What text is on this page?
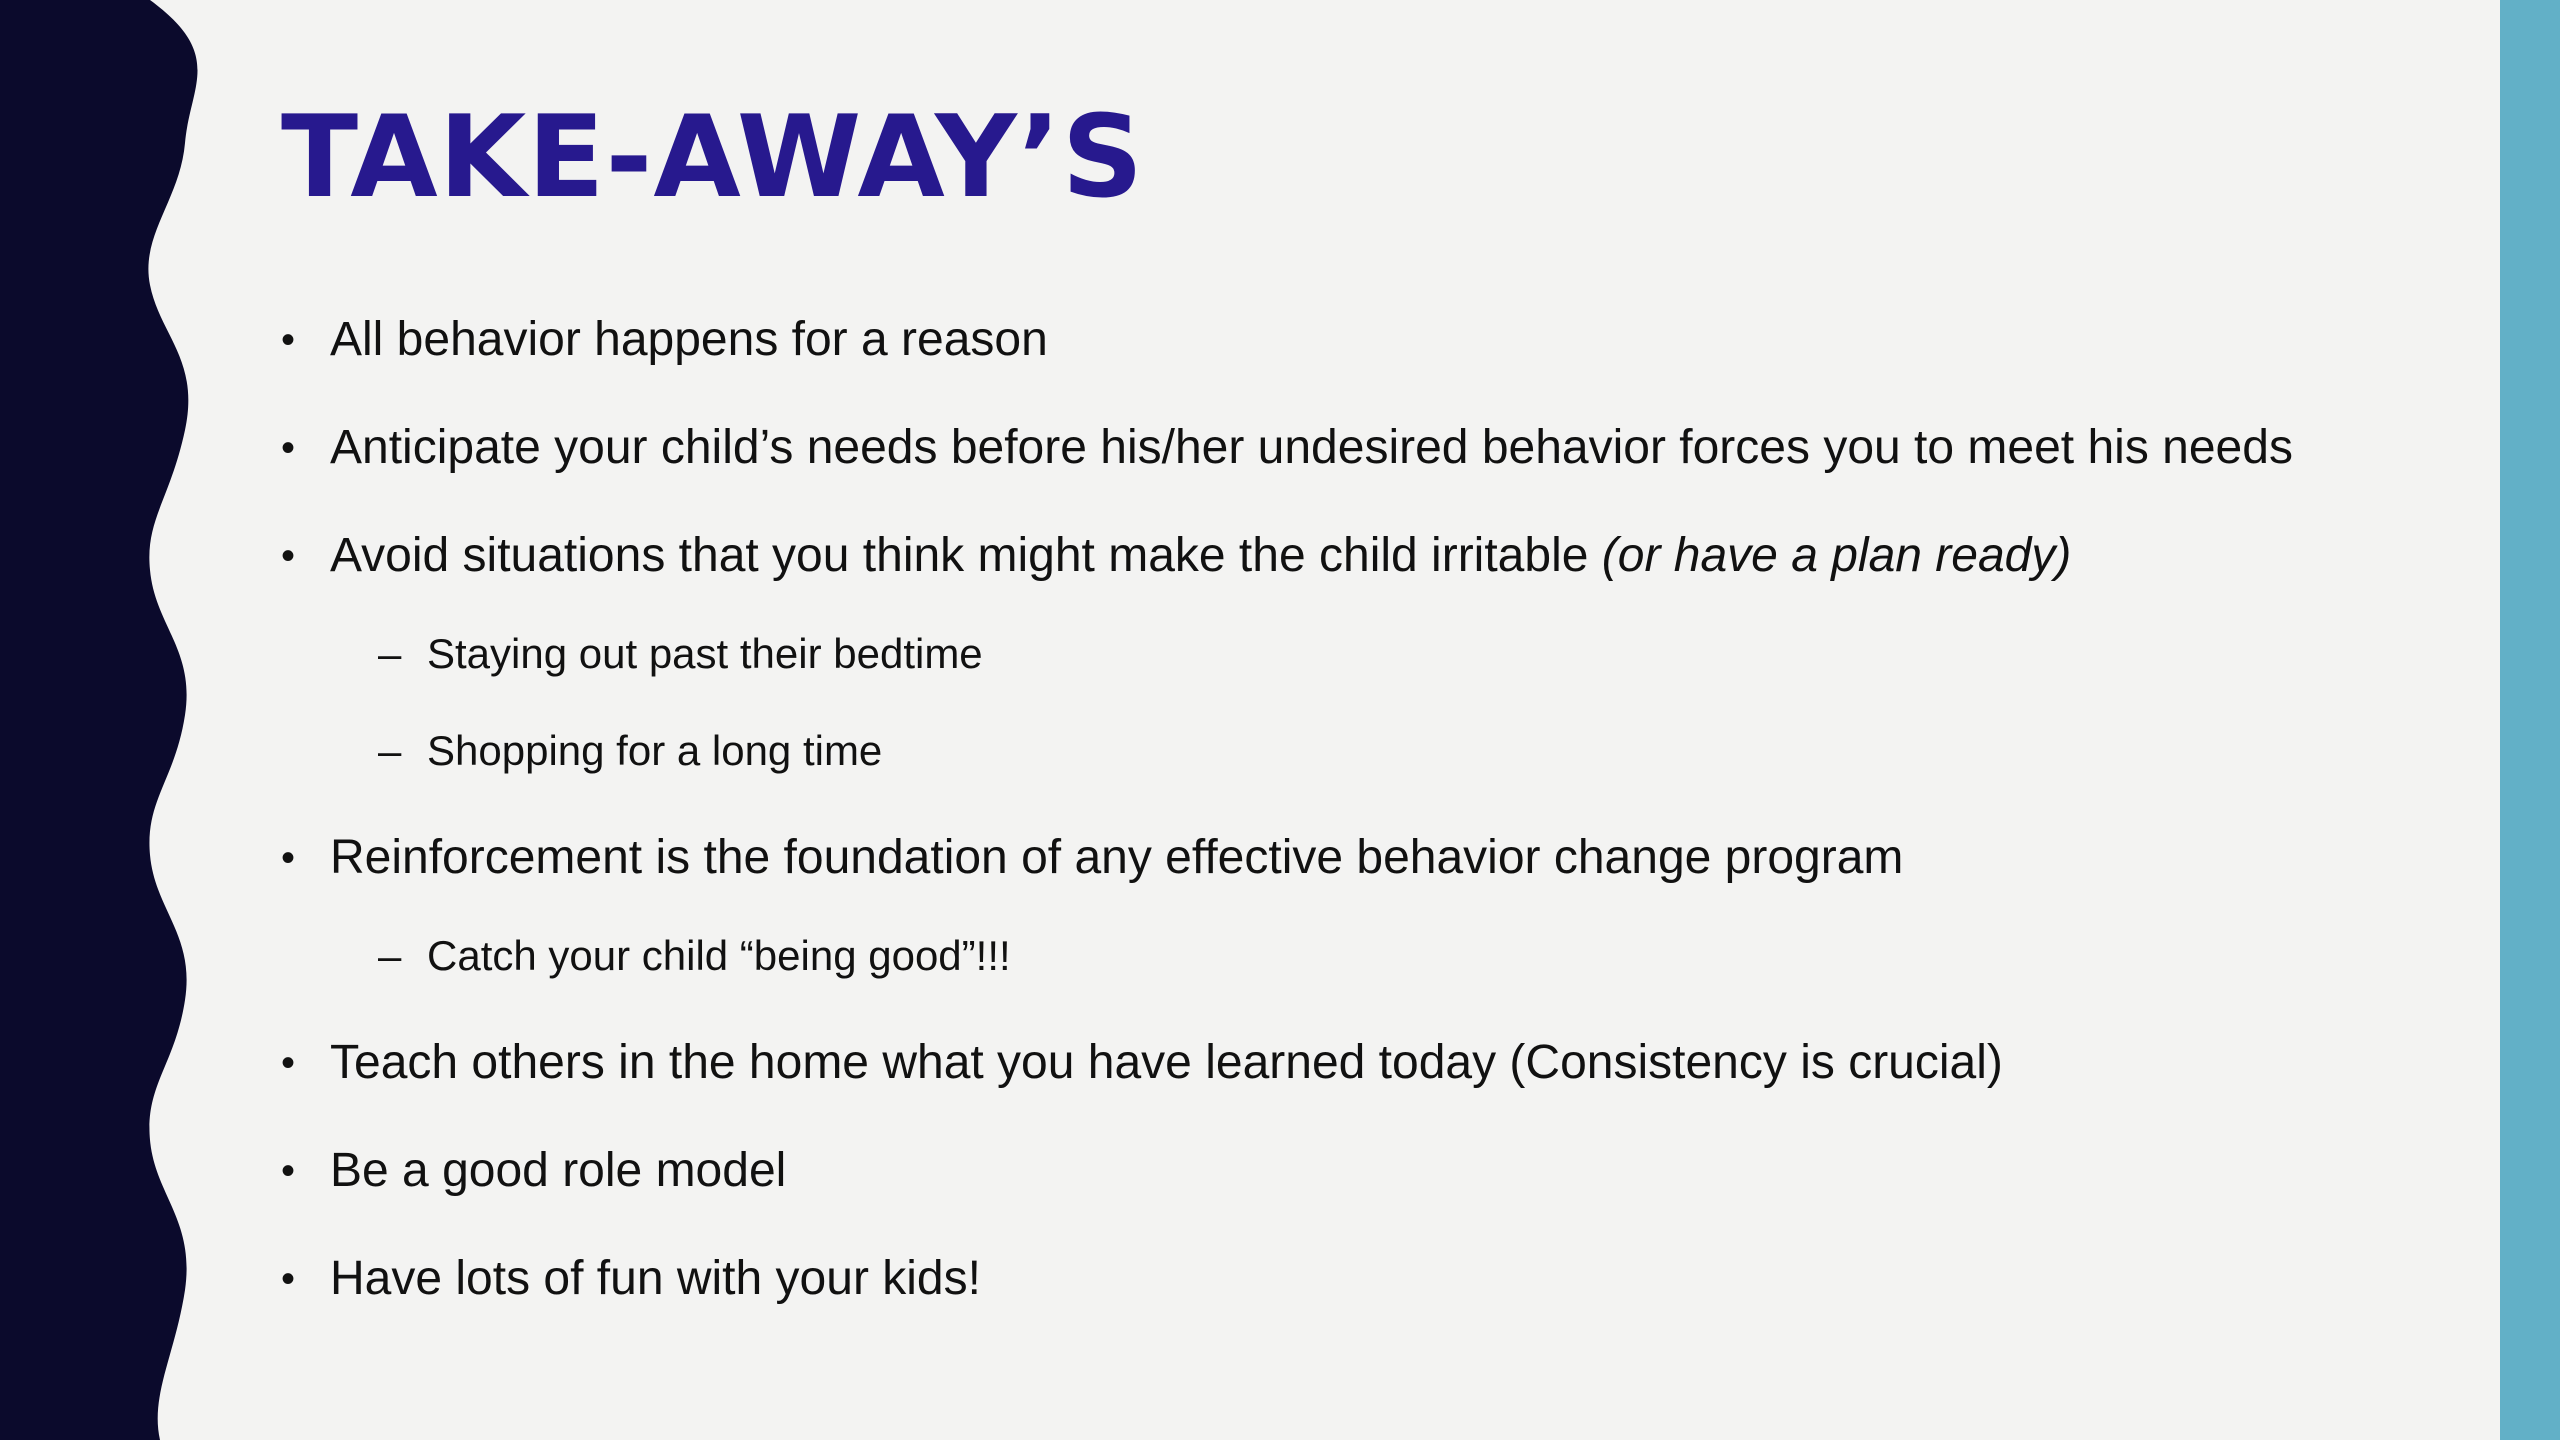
TAKE-AWAY’S
• All behavior happens for a reason
• Anticipate your child’s needs before his/her undesired behavior forces you to meet his needs
• Avoid situations that you think might make the child irritable (or have a plan ready)
– Staying out past their bedtime
– Shopping for a long time
• Reinforcement is the foundation of any effective behavior change program
– Catch your child “being good”!!!
• Teach others in the home what you have learned today (Consistency is crucial)
• Be a good role model
• Have lots of fun with your kids!
